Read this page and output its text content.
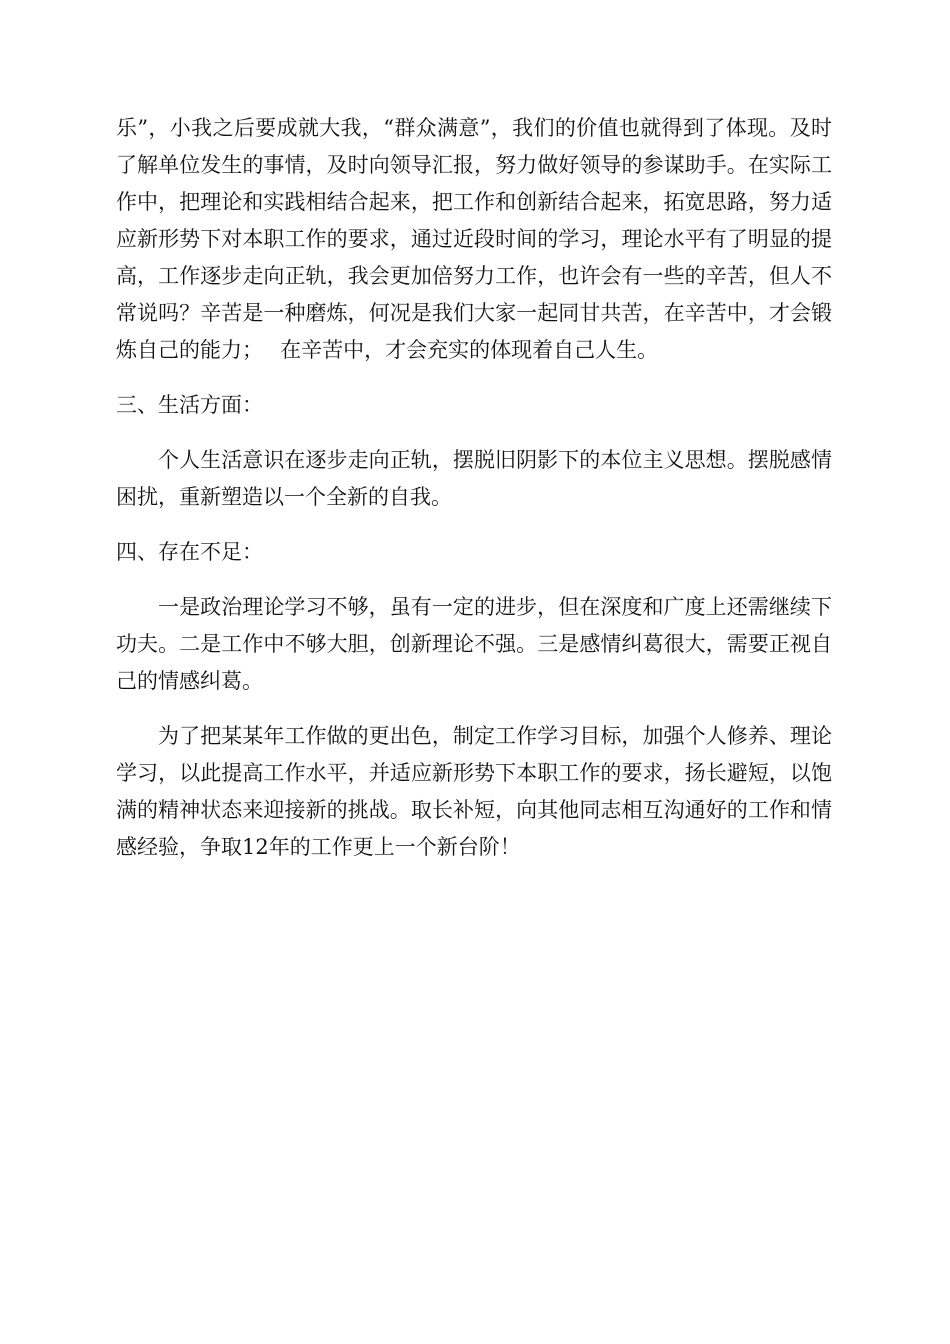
乐”，小我之后要成就大我，“群众满意”，我们的价值也就得到了体现。及时了解单位发生的事情，及时向领导汇报，努力做好领导的参谋助手。在实际工作中，把理论和实践相结合起来，把工作和创新结合起来，拓宽思路，努力适应新形势下对本职工作的要求，通过近段时间的学习，理论水平有了明显的提高，工作逐步走向正轨，我会更加倍努力工作，也许会有一些的辛苦，但人不常说吗？辛苦是一种磨炼，何况是我们大家一起同甘共苦，在辛苦中，才会锻炼自己的能力；　 在辛苦中，才会充实的体现着自己人生。

三、生活方面：

个人生活意识在逐步走向正轨，摆脱旧阴影下的本位主义思想。摆脱感情困扰，重新塑造以一个全新的自我。

四、存在不足：

一是政治理论学习不够，虽有一定的进步，但在深度和广度上还需继续下功夫。二是工作中不够大胆，创新理论不强。三是感情纠葛很大，需要正视自己的情感纠葛。

为了把某某年工作做的更出色，制定工作学习目标，加强个人修养、理论学习，以此提高工作水平，并适应新形势下本职工作的要求，扬长避短，以饱满的精神状态来迎接新的挑战。取长补短，向其他同志相互沟通好的工作和情感经验，争取12年的工作更上一个新台阶！
